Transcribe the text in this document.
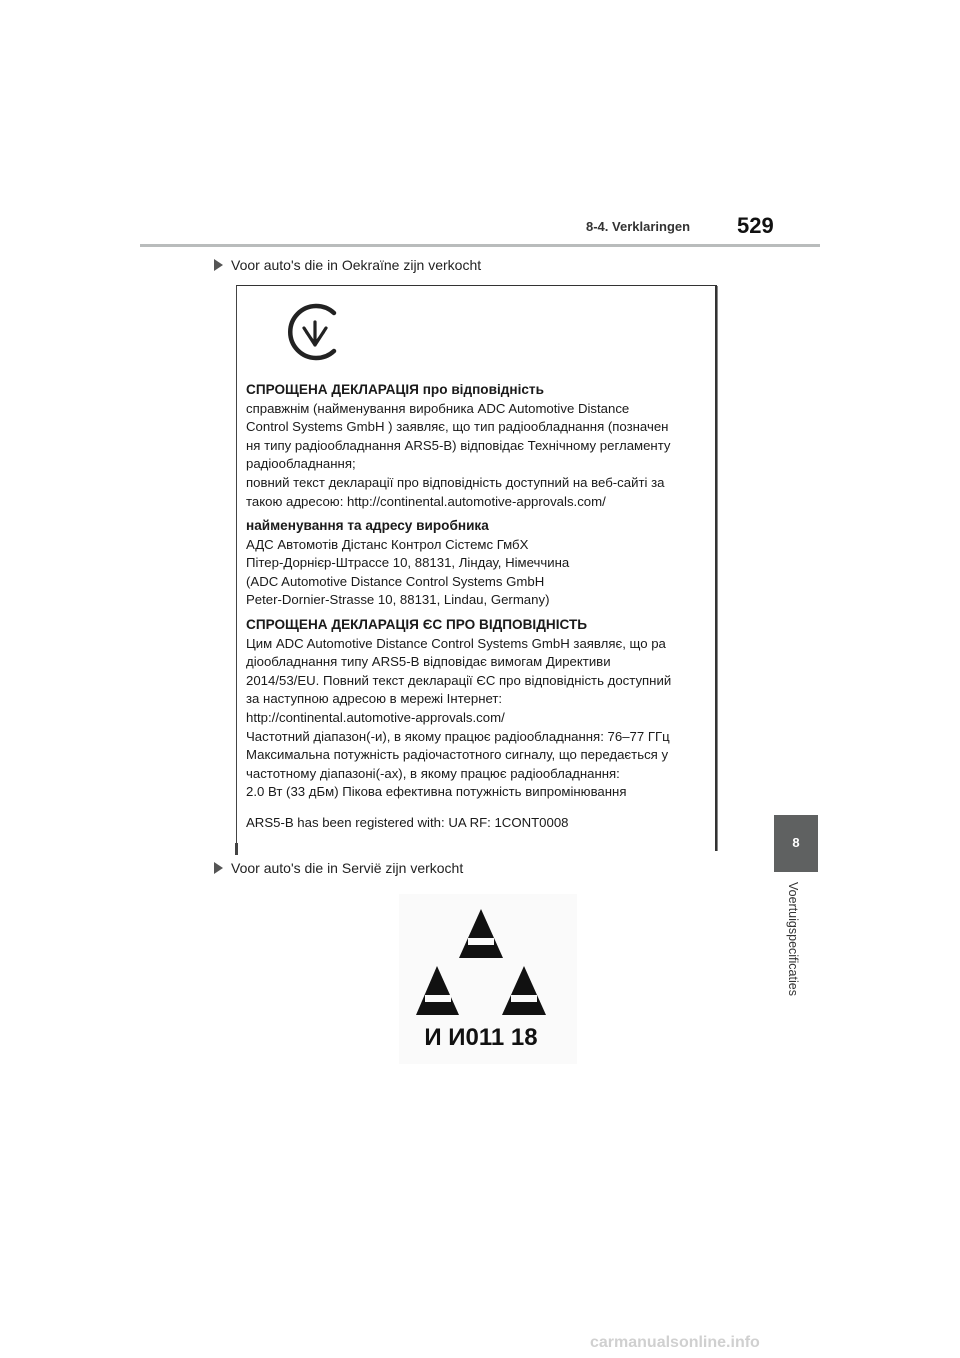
8-4. Verklaringen 529
Voor auto's die in Oekraïne zijn verkocht
СПРОЩЕНА ДЕКЛАРАЦІЯ про відповідність
справжнім (найменування виробника ADC Automotive Distance
Control Systems GmbH ) заявляє, що тип радіообладнання (позначен
ня типу радіообладнання ARS5-B) відповідає Технічному регламенту
радіообладнання;
повний текст декларації про відповідність доступний на веб-сайті за
такою адресою: http://continental.automotive-approvals.com/
найменування та адресу виробника
АДС Автомотів Дістанс Контрол Сістемс ГмбХ
Пітер-Дорнієр-Штрассе 10, 88131, Ліндау, Німеччина
(ADC Automotive Distance Control Systems GmbH
Peter-Dornier-Strasse 10, 88131, Lindau, Germany)
СПРОЩЕНА ДЕКЛАРАЦІЯ ЄС ПРО ВІДПОВІДНІСТЬ
Цим ADC Automotive Distance Control Systems GmbH заявляє, що ра
діообладнання типу ARS5-B відповідає вимогам Директиви
2014/53/EU. Повний текст декларації ЄС про відповідність доступний
за наступною адресою в мережі Інтернет:
http://continental.automotive-approvals.com/
Частотний діапазон(-и), в якому працює радіообладнання: 76–77 ГГц
Максимальна потужність радіочастотного сигналу, що передається у
частотному діапазоні(-ах), в якому працює радіообладнання:
2.0 Вт (33 дБм) Пікова ефективна потужність випромінювання
ARS5-B has been registered with: UA RF: 1CONT0008
Voor auto's die in Servië zijn verkocht
И И011 18
8
Voertuigspecificaties
carmanualsonline.info
